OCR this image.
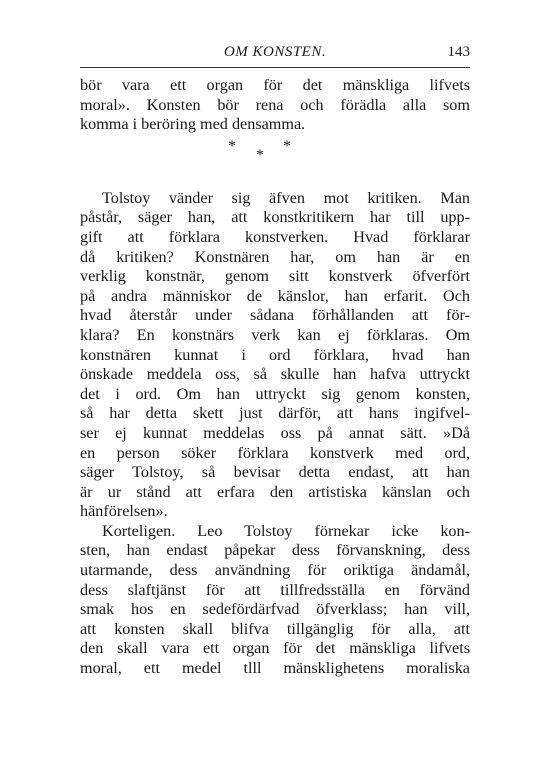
OM KONSTEN.	143
bör vara ett organ för det mänskliga lifvets
moral». Konsten bör rena och förädla alla som
komma i beröring med densamma.
*
*
*
Tolstoy vänder sig äfven mot kritiken. Man
påstår, säger han, att konstkritikern har till upp-
gift att förklara konstverken. Hvad förklarar
då kritiken? Konstnären har, om han är en
verklig konstnär, genom sitt konstverk öfverfört
på andra människor de känslor, han erfarit. Och
hvad återstår under sådana förhållanden att för-
klara? En konstnärs verk kan ej förklaras. Om
konstnären kunnat i ord förklara, hvad han
önskade meddela oss, så skulle han hafva uttryckt
det i ord. Om han uttryckt sig genom konsten,
så har detta skett just därför, att hans ingifvel-
ser ej kunnat meddelas oss på annat sätt. »Då
en person söker förklara konstverk med ord,
säger Tolstoy, så bevisar detta endast, att han
är ur stånd att erfara den artistiska känslan och
hänförelsen».
Korteligen. Leo Tolstoy förnekar icke kon-
sten, han endast påpekar dess förvanskning, dess
utarmande, dess användning för oriktiga ändamål,
dess slaftjänst för att tillfredsställa en förvänd
smak hos en sedefördärfvad öfverklass; han vill,
att konsten skall blifva tillgänglig för alla, att
den skall vara ett organ för det mänskliga lifvets
moral, ett medel tlll mänsklighetens moraliska
